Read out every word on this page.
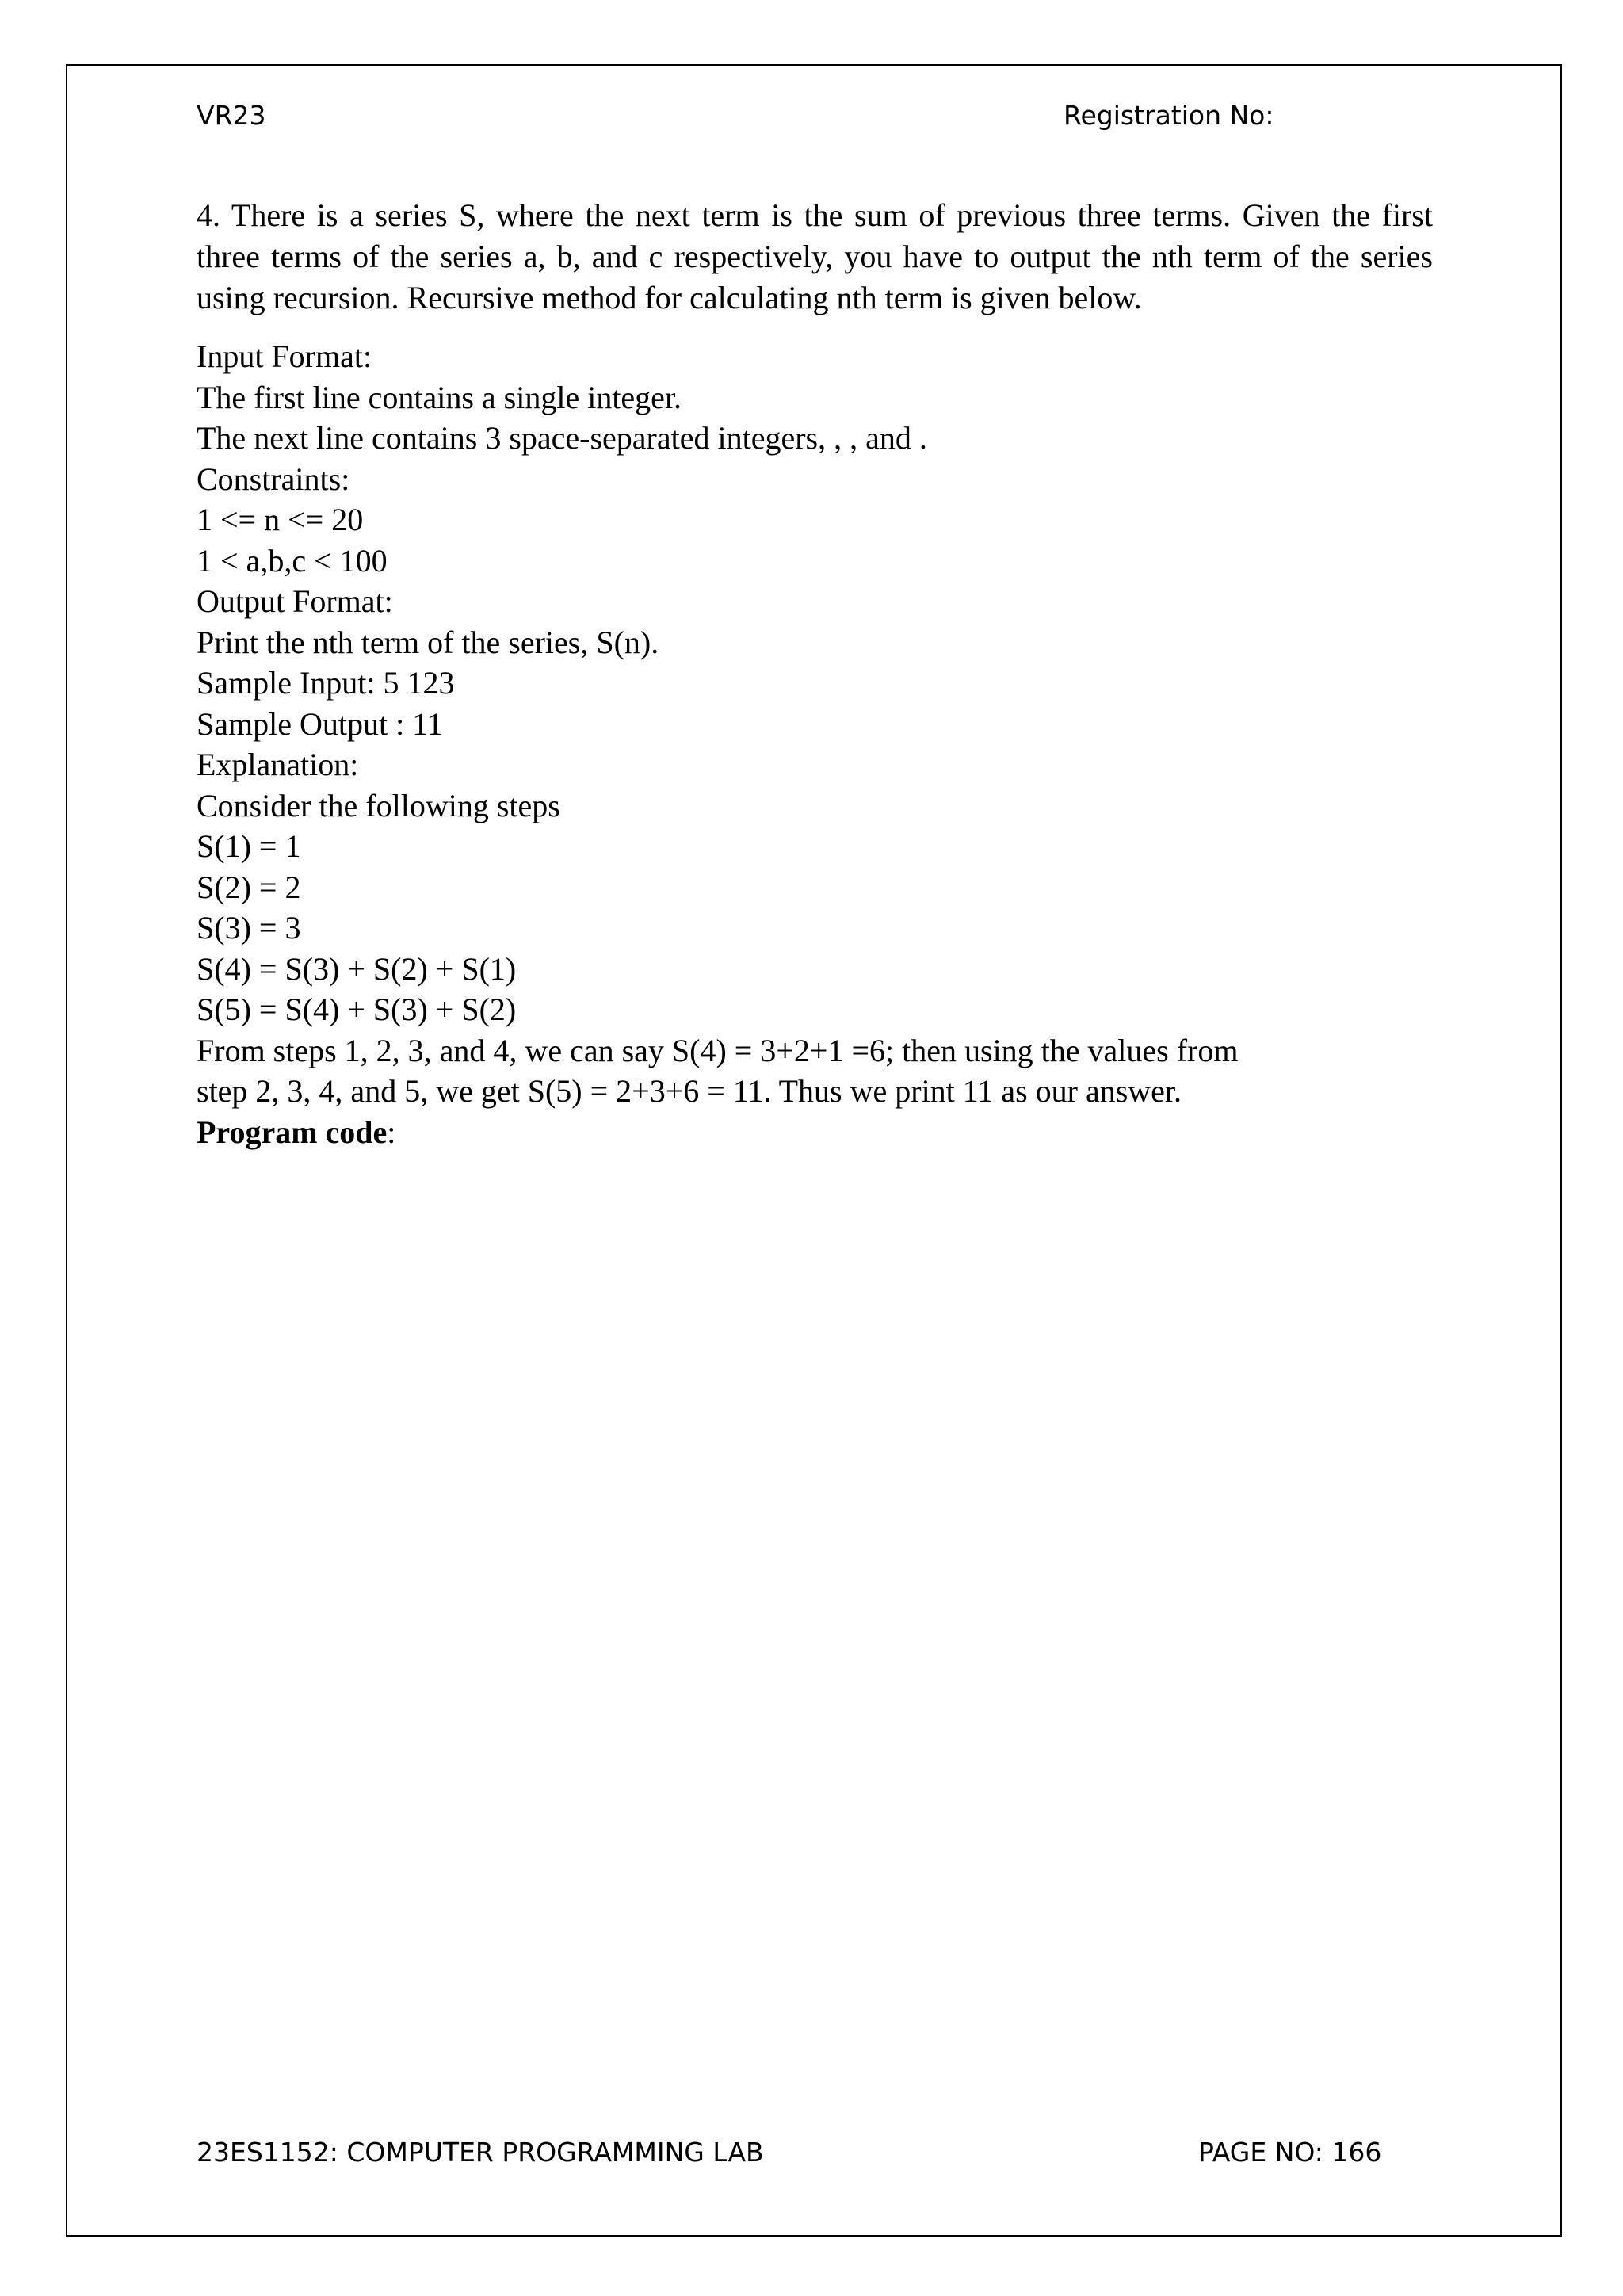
VR23	Registration No:

4. There is a series S, where the next term is the sum of previous three terms. Given the first three terms of the series a, b, and c respectively, you have to output the nth term of the series using recursion. Recursive method for calculating nth term is given below.

Input Format:
The first line contains a single integer.
The next line contains 3 space-separated integers, , , and .
Constraints:
1 <= n <= 20
1 < a,b,c < 100
Output Format:
Print the nth term of the series, S(n).
Sample Input: 5 123
Sample Output : 11
Explanation:
Consider the following steps
S(1) = 1
S(2) = 2
S(3) = 3
S(4) = S(3) + S(2) + S(1)
S(5) = S(4) + S(3) + S(2)
From steps 1, 2, 3, and 4, we can say S(4) = 3+2+1 =6; then using the values from
step 2, 3, 4, and 5, we get S(5) = 2+3+6 = 11. Thus we print 11 as our answer.
Program code:
23ES1152: COMPUTER PROGRAMMING LAB	PAGE NO: 166
